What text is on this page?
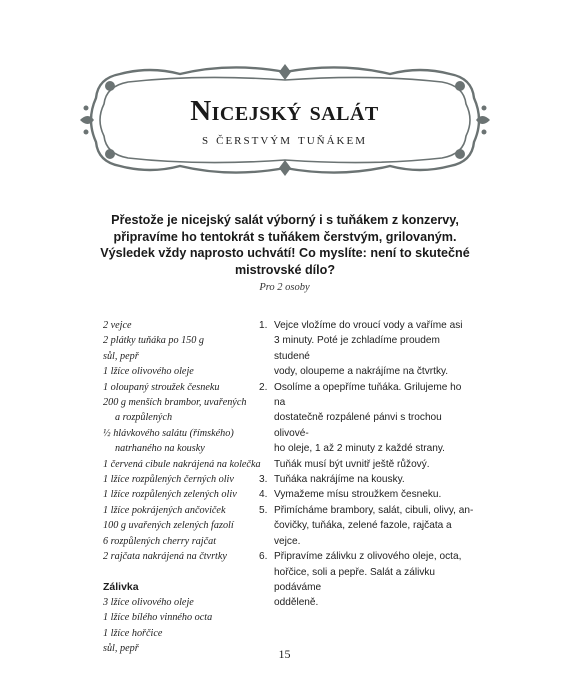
Nicejský salát
s čerstvým tuňákem
Přestože je nicejský salát výborný i s tuňákem z konzervy, připravíme ho tentokrát s tuňákem čerstvým, grilovaným. Výsledek vždy naprosto uchvátí! Co myslíte: není to skutečné mistrovské dílo?
Pro 2 osoby
2 vejce
2 plátky tuňáka po 150 g
sůl, pepř
1 lžíce olivového oleje
1 oloupaný stroužek česneku
200 g menších brambor, uvařených
a rozpůlených
½ hlávkového salátu (římského)
natrhaného na kousky
1 červená cibule nakrájená na kolečka
1 lžíce rozpůlených černých oliv
1 lžíce rozpůlených zelených oliv
1 lžíce pokrájených ančoviček
100 g uvařených zelených fazolí
6 rozpůlených cherry rajčat
2 rajčata nakrájená na čtvrtky
Zálivka
3 lžíce olivového oleje
1 lžíce bílého vinného octa
1 lžíce hořčice
sůl, pepř
1. Vejce vložíme do vroucí vody a vaříme asi
3 minuty. Poté je zchladíme proudem studené
vody, oloupeme a nakrájíme na čtvrtky.
2. Osolíme a opepříme tuňáka. Grilujeme ho na
dostatečně rozpálené pánvi s trochou olivové-
ho oleje, 1 až 2 minuty z každé strany.
Tuňák musí být uvnitř ještě růžový.
3. Tuňáka nakrájíme na kousky.
4. Vymažeme mísu stroužkem česneku.
5. Přimícháme brambory, salát, cibuli, olivy, an-
čovičky, tuňáka, zelené fazole, rajčata a vejce.
6. Připravíme zálivku z olivového oleje, octa,
hořčice, soli a pepře. Salát a zálivku podáváme
odděleně.
15
